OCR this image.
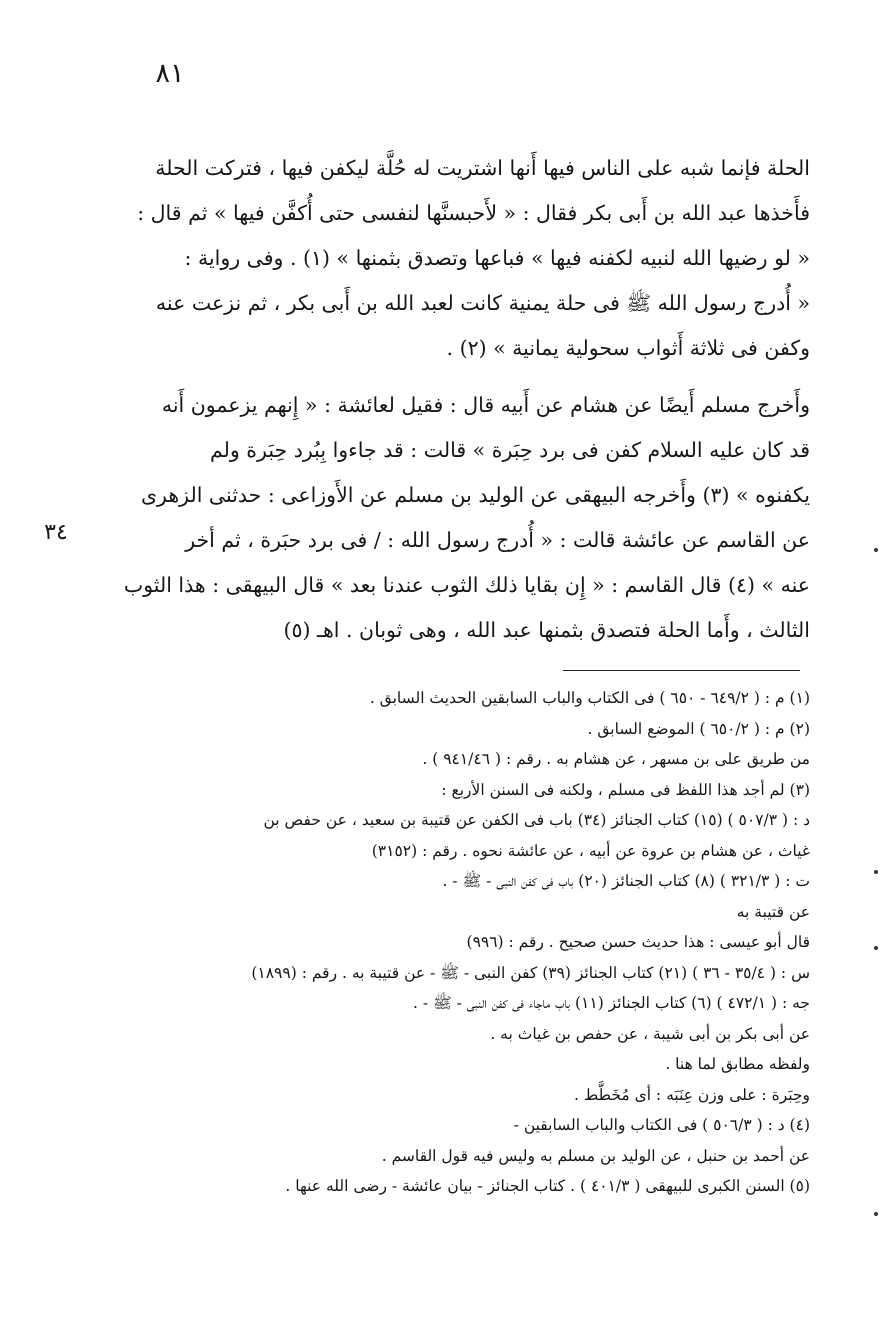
٨١
٣٤
الحلة فإنما شبه على الناس فيها أَنها اشتريت له حُلَّة ليكفن فيها ، فتركت الحلة
فأَخذها عبد الله بن أَبى بكر فقال : « لأَحبسنَّها لنفسى حتى أُكفَّن فيها » ثم قال :
« لو رضيها الله لنبيه لكفنه فيها » فباعها وتصدق بثمنها » (١) . وفى رواية :
« أُدرج رسول الله ﷺ فى حلة يمنية كانت لعبد الله بن أَبى بكر ، ثم نزعت عنه
وكفن فى ثلاثة أَثواب سحولية يمانية » (٢) .
وأَخرج مسلم أَيضًا عن هشام عن أَبيه قال : فقيل لعائشة : « إِنهم يزعمون أَنه
قد كان عليه السلام كفن فى برد حِبَرة » قالت : قد جاءوا بِبُرد حِبَرة ولم
يكفنوه » (٣) وأَخرجه البيهقى عن الوليد بن مسلم عن الأَوزاعى : حدثنى الزهرى
عن القاسم عن عائشة قالت : « أُدرج رسول الله : / فى برد حبَرة ، ثم أخر
عنه » (٤) قال القاسم : « إِن بقايا ذلك الثوب عندنا بعد » قال البيهقى : هذا الثوب
الثالث ، وأَما الحلة فتصدق بثمنها عبد الله ، وهى ثوبان . اهـ (٥)
(١) م : ( ٦٤٩/٢ - ٦٥٠ ) فى الكتاب والباب السابقين الحديث السابق .
(٢) م : ( ٦٥٠/٢ ) الموضع السابق .
من طريق على بن مسهر ، عن هشام به . رقم : ( ٩٤١/٤٦ ) .
(٣) لم أجد هذا اللفظ فى مسلم ، ولكنه فى السنن الأربع :
د : ( ٥٠٧/٣ ) (١٥) كتاب الجنائز (٣٤) باب فى الكفن عن قتيبة بن سعيد ، عن حفص بن
غياث ، عن هشام بن عروة عن أبيه ، عن عائشة نحوه . رقم : (٣١٥٢)
ت : ( ٣٢١/٣ ) (٨) كتاب الجنائز (٢٠) باب فى كفن النبى - ﷺ - .
عن قتيبة به
قال أبو عيسى : هذا حديث حسن صحيح . رقم : (٩٩٦)
س : ( ٣٥/٤ - ٣٦ ) (٢١) كتاب الجنائز (٣٩) كفن النبى - ﷺ - عن قتيبة به . رقم : (١٨٩٩)
جه : ( ٤٧٢/١ ) (٦) كتاب الجنائز (١١) باب ماجاء فى كفن النبى - ﷺ - .
عن أبى بكر بن أبى شيبة ، عن حفص بن غياث به .
ولفظه مطابق لما هنا .
وحِبَرة : على وزن عِنَبَه : أى مُخَطَّط .
(٤) د : ( ٥٠٦/٣ ) فى الكتاب والباب السابقين -
عن أحمد بن حنبل ، عن الوليد بن مسلم به وليس فيه قول القاسم .
(٥) السنن الكبرى للبيهقى ( ٤٠١/٣ ) . كتاب الجنائز - بيان عائشة - رضى الله عنها .
